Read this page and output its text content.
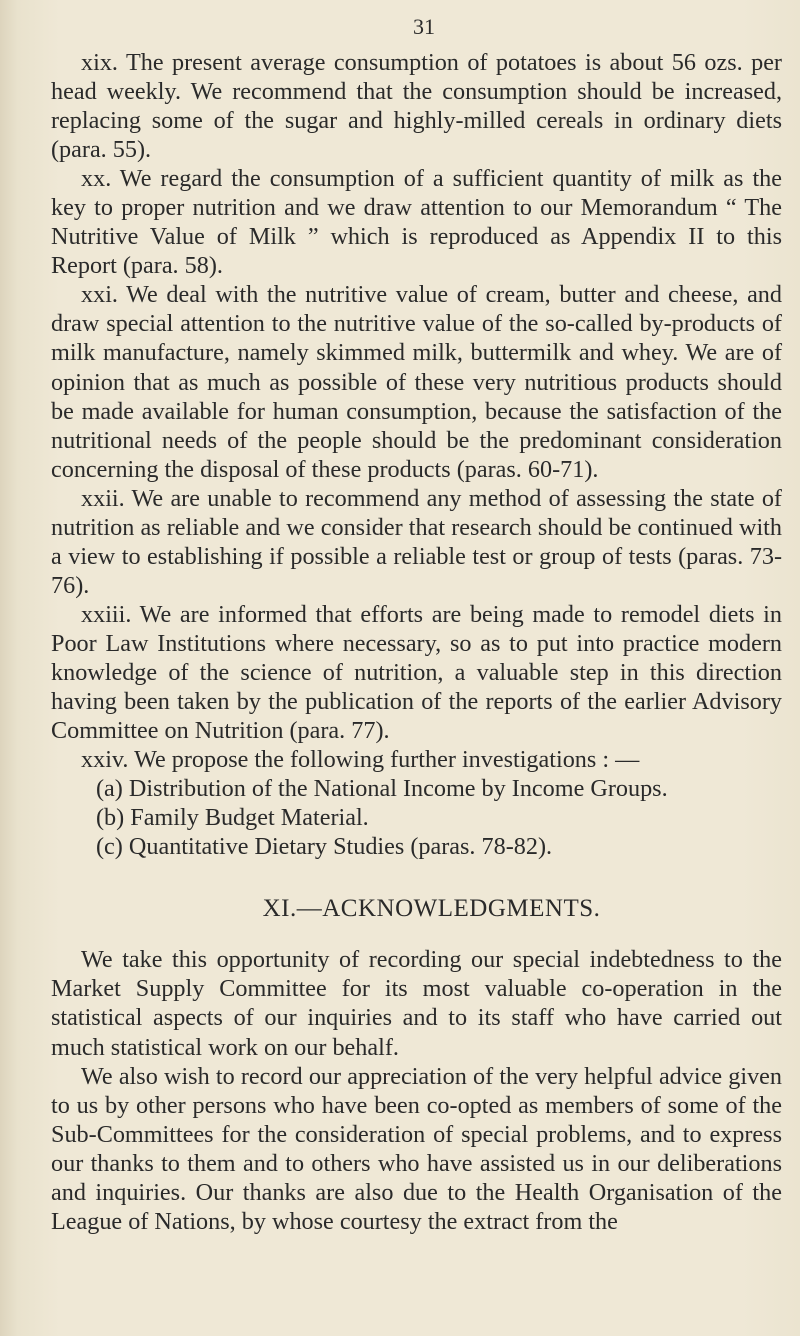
31

xix. The present average consumption of potatoes is about 56 ozs. per head weekly. We recommend that the consumption should be increased, replacing some of the sugar and highly-milled cereals in ordinary diets (para. 55).

xx. We regard the consumption of a sufficient quantity of milk as the key to proper nutrition and we draw attention to our Memorandum “ The Nutritive Value of Milk ” which is reproduced as Appendix II to this Report (para. 58).

xxi. We deal with the nutritive value of cream, butter and cheese, and draw special attention to the nutritive value of the so-called by-products of milk manufacture, namely skimmed milk, buttermilk and whey. We are of opinion that as much as possible of these very nutritious products should be made available for human consumption, because the satisfaction of the nutritional needs of the people should be the predominant consideration concerning the disposal of these products (paras. 60-71).

xxii. We are unable to recommend any method of assessing the state of nutrition as reliable and we consider that research should be continued with a view to establishing if possible a reliable test or group of tests (paras. 73-76).

xxiii. We are informed that efforts are being made to remodel diets in Poor Law Institutions where necessary, so as to put into practice modern knowledge of the science of nutrition, a valuable step in this direction having been taken by the publication of the reports of the earlier Advisory Committee on Nutrition (para. 77).

xxiv. We propose the following further investigations : —

(a) Distribution of the National Income by Income Groups.

(b) Family Budget Material.

(c) Quantitative Dietary Studies (paras. 78-82).

XI.—ACKNOWLEDGMENTS.

We take this opportunity of recording our special indebtedness to the Market Supply Committee for its most valuable co-operation in the statistical aspects of our inquiries and to its staff who have carried out much statistical work on our behalf.

We also wish to record our appreciation of the very helpful advice given to us by other persons who have been co-opted as members of some of the Sub-Committees for the consideration of special problems, and to express our thanks to them and to others who have assisted us in our deliberations and inquiries. Our thanks are also due to the Health Organisation of the League of Nations, by whose courtesy the extract from the
